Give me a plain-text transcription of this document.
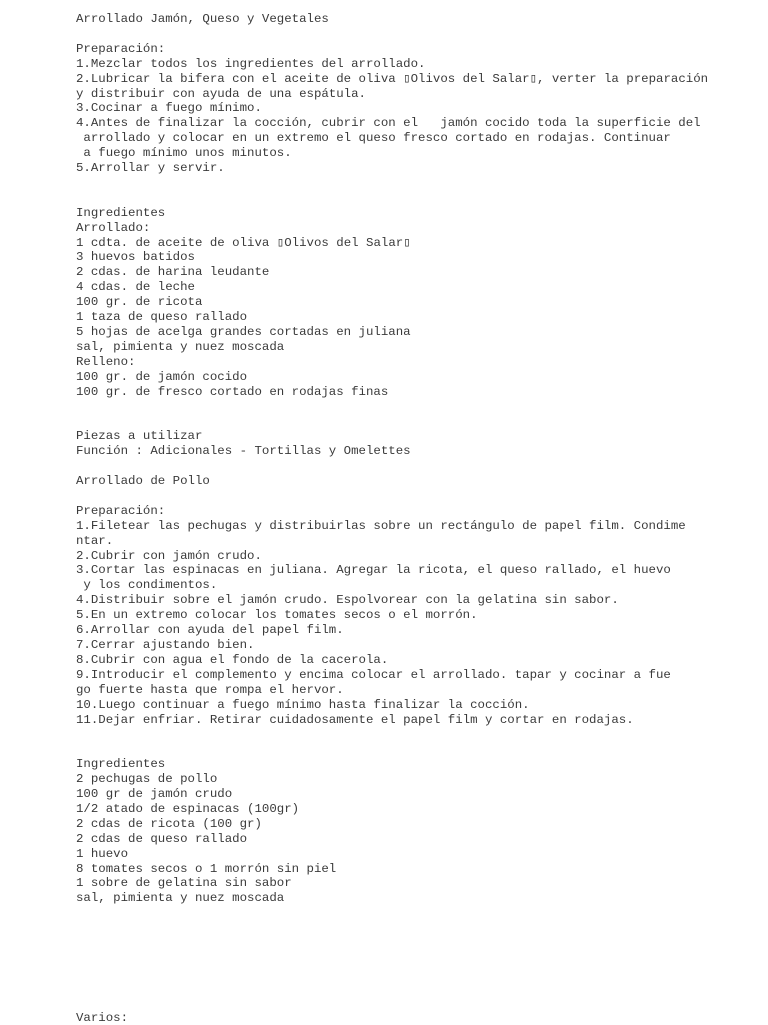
Arrollado Jamón, Queso y Vegetales
Preparación:
1.Mezclar todos los ingredientes del arrollado.
2.Lubricar la bifera con el aceite de oliva ▯Olivos del Salar▯, verter la preparación
y distribuir con ayuda de una espátula.
3.Cocinar a fuego mínimo.
4.Antes de finalizar la cocción, cubrir con el   jamón cocido toda la superficie del
arrollado y colocar en un extremo el queso fresco cortado en rodajas. Continuar
a fuego mínimo unos minutos.
5.Arrollar y servir.
Ingredientes
Arrollado:
1 cdta. de aceite de oliva ▯Olivos del Salar▯
3 huevos batidos
2 cdas. de harina leudante
4 cdas. de leche
100 gr. de ricota
1 taza de queso rallado
5 hojas de acelga grandes cortadas en juliana
sal, pimienta y nuez moscada
Relleno:
100 gr. de jamón cocido
100 gr. de fresco cortado en rodajas finas
Piezas a utilizar
Función : Adicionales - Tortillas y Omelettes
Arrollado de Pollo
Preparación:
1.Filetear las pechugas y distribuirlas sobre un rectángulo de papel film. Condime
ntar.
2.Cubrir con jamón crudo.
3.Cortar las espinacas en juliana. Agregar la ricota, el queso rallado, el huevo
y los condimentos.
4.Distribuir sobre el jamón crudo. Espolvorear con la gelatina sin sabor.
5.En un extremo colocar los tomates secos o el morrón.
6.Arrollar con ayuda del papel film.
7.Cerrar ajustando bien.
8.Cubrir con agua el fondo de la cacerola.
9.Introducir el complemento y encima colocar el arrollado. tapar y cocinar a fue
go fuerte hasta que rompa el hervor.
10.Luego continuar a fuego mínimo hasta finalizar la cocción.
11.Dejar enfriar. Retirar cuidadosamente el papel film y cortar en rodajas.
Ingredientes
2 pechugas de pollo
100 gr de jamón crudo
1/2 atado de espinacas (100gr)
2 cdas de ricota (100 gr)
2 cdas de queso rallado
1 huevo
8 tomates secos o 1 morrón sin piel
1 sobre de gelatina sin sabor
sal, pimienta y nuez moscada
Varios:
